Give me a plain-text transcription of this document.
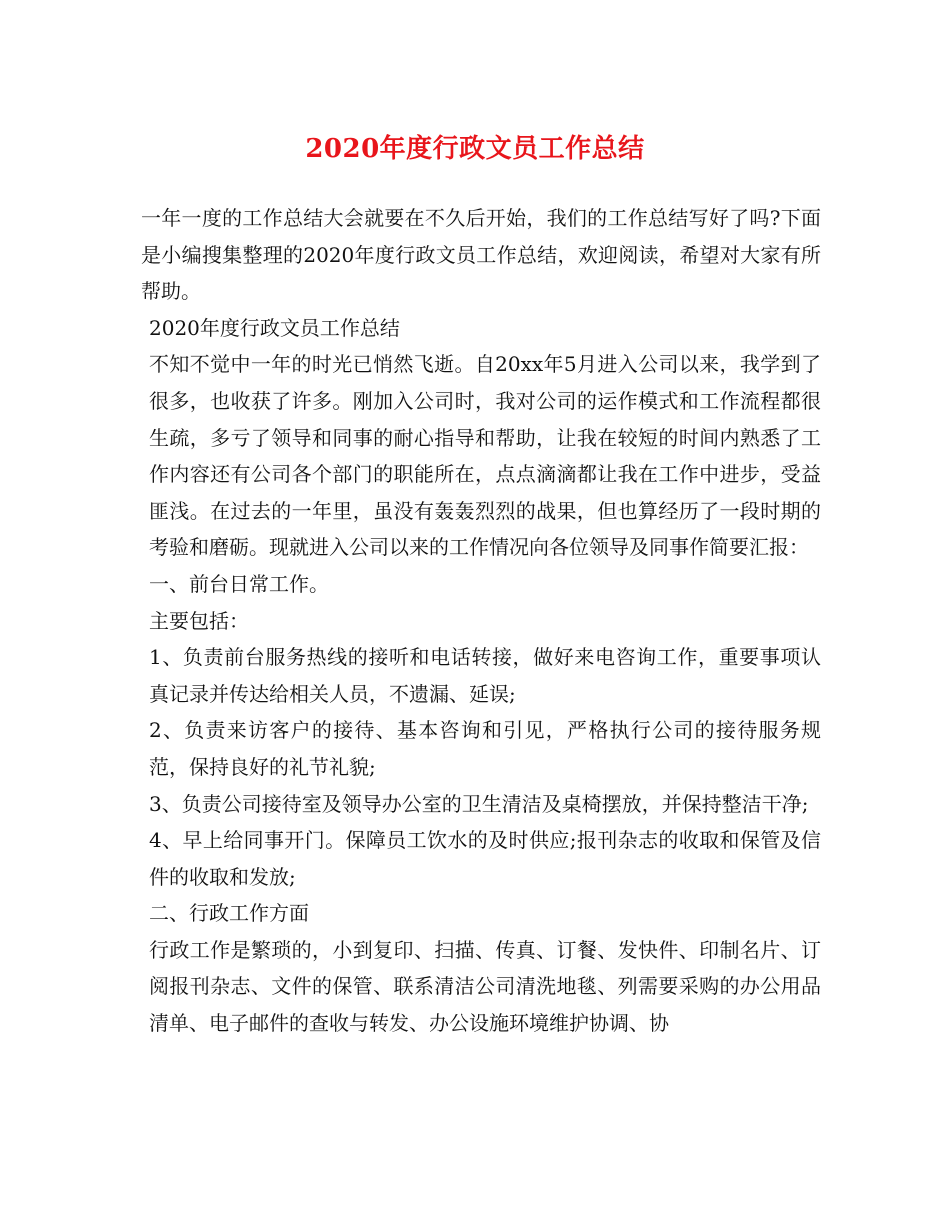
2020年度行政文员工作总结

一年一度的工作总结大会就要在不久后开始，我们的工作总结写好了吗?下面是小编搜集整理的2020年度行政文员工作总结，欢迎阅读，希望对大家有所帮助。

2020年度行政文员工作总结

不知不觉中一年的时光已悄然飞逝。自20xx年5月进入公司以来，我学到了很多，也收获了许多。刚加入公司时，我对公司的运作模式和工作流程都很生疏，多亏了领导和同事的耐心指导和帮助，让我在较短的时间内熟悉了工作内容还有公司各个部门的职能所在，点点滴滴都让我在工作中进步，受益匪浅。在过去的一年里，虽没有轰轰烈烈的战果，但也算经历了一段时期的考验和磨砺。现就进入公司以来的工作情况向各位领导及同事作简要汇报：

一、前台日常工作。

主要包括：

1、负责前台服务热线的接听和电话转接，做好来电咨询工作，重要事项认真记录并传达给相关人员，不遗漏、延误;

2、负责来访客户的接待、基本咨询和引见，严格执行公司的接待服务规范，保持良好的礼节礼貌;

3、负责公司接待室及领导办公室的卫生清洁及桌椅摆放，并保持整洁干净;

4、早上给同事开门。保障员工饮水的及时供应;报刊杂志的收取和保管及信件的收取和发放;

二、行政工作方面

行政工作是繁琐的，小到复印、扫描、传真、订餐、发快件、印制名片、订阅报刊杂志、文件的保管、联系清洁公司清洗地毯、列需要采购的办公用品清单、电子邮件的查收与转发、办公设施环境维护协调、协
